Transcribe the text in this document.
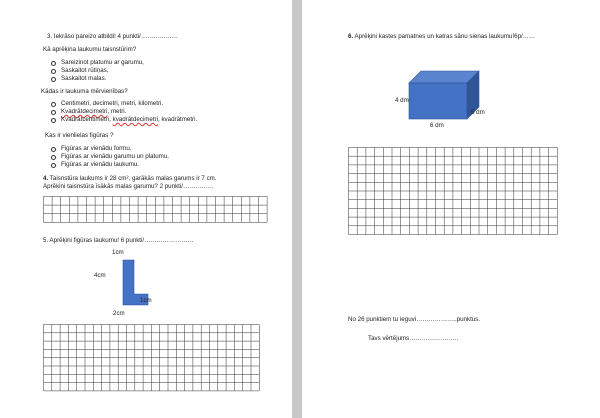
3. Iekrāso pareizo atbildi! 4 punkti/………………
Kā aprēķina laukumu taisnstūrim?
Sareizinot platumu ar garumu,
Saskaitot rūtiņas,
Saskaitot malas.
Kādas ir laukuma mērvienības?
Centimetri, decimetri, metri, kilometri.
Kvadrātdecimetri, metri.
Kvadrātcentimetri, kvadrātdecimetri, kvadrātmetri.
Kas ir vienlielas figūras ?
Figūras ar vienādu formu.
Figūras ar vienādu garumu un platumu.
Figūras ar vienādu laukumu.
4. Taisnstūra laukums ir 28 cm², garākās malas garums ir 7 cm.
Aprēķini taisnstūra īsākās malas garumu? 2 punkti/……………
5. Aprēķini figūras laukumu! 6 punkti/……………………
1cm
4cm
1cm
2cm
6. Aprēķini kastes pamatnes un katras sānu sienas laukumu!6p/……
4 dm
5 dm
6 dm
No 26 punktiem tu ieguvi………………..punktus.
Tavs vērtējums……………………
